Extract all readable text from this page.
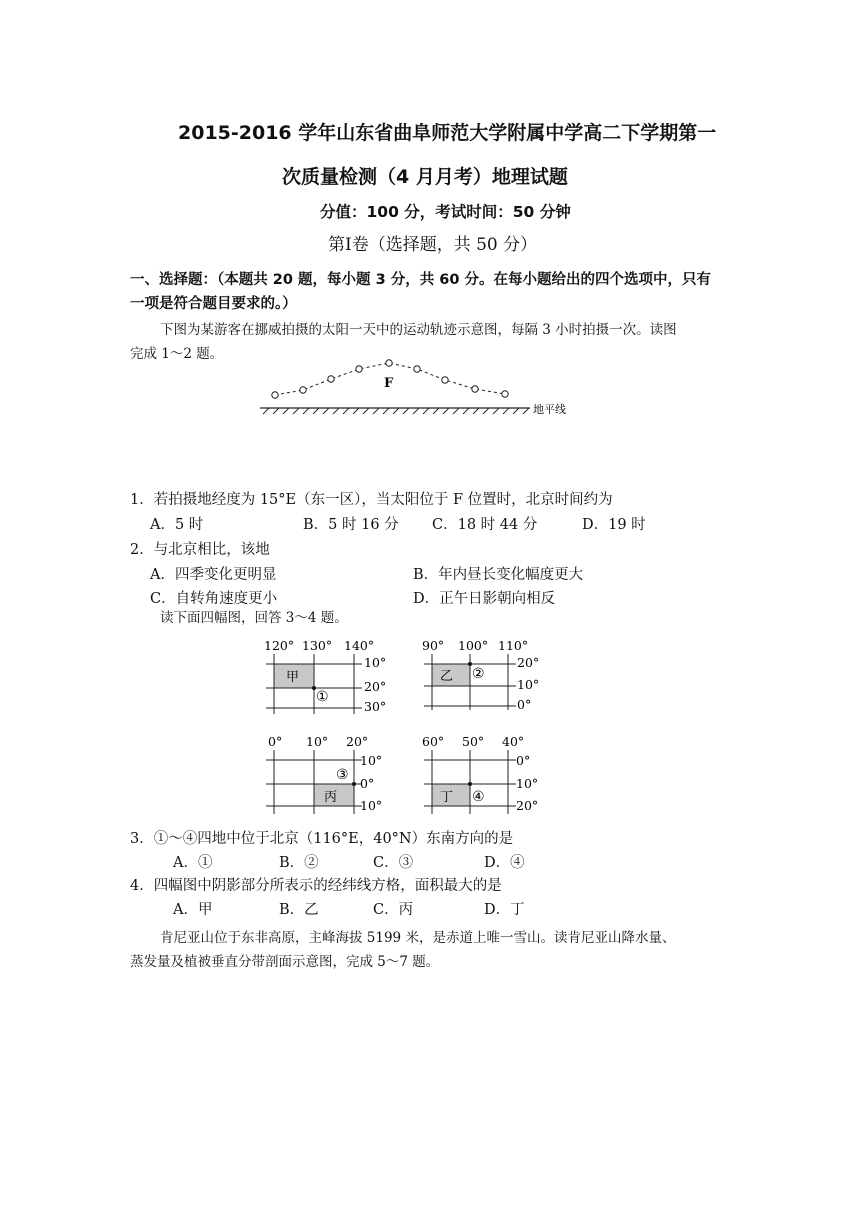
2015-2016 学年山东省曲阜师范大学附属中学高二下学期第一
次质量检测（4 月月考）地理试题
分值：100 分，考试时间：50 分钟
第Ⅰ卷（选择题，共 50 分）
一、选择题：（本题共 20 题，每小题 3 分，共 60 分。在每小题给出的四个选项中，只有
一项是符合题目要求的。）
下图为某游客在挪威拍摄的太阳一天中的运动轨迹示意图，每隔 3 小时拍摄一次。读图
完成 1～2 题。
F
地平线
1．若拍摄地经度为 15°E（东一区），当太阳位于 F 位置时，北京时间约为
A．5 时	B．5 时 16 分 C．18 时 44 分	D．19 时
2．与北京相比，该地
A．四季变化更明显	B．年内昼长变化幅度更大
C．自转角速度更小	D．正午日影朝向相反
读下面四幅图，回答 3～4 题。
120° 130° 140°
10°
20°
30°
甲
①
90° 100° 110°
20°
10°
0°
乙 ②
0° 10° 20°
10°
0°
10°
丙
③
60° 50° 40°
0°
10°
20°
丁 ④
3．①～④四地中位于北京（116°E，40°N）东南方向的是
A．①	B．②	C．③	D．④
4．四幅图中阴影部分所表示的经纬线方格，面积最大的是
A．甲	B．乙	C．丙	D．丁
肯尼亚山位于东非高原，主峰海拔 5199 米，是赤道上唯一雪山。读肯尼亚山降水量、
蒸发量及植被垂直分带剖面示意图，完成 5～7 题。
